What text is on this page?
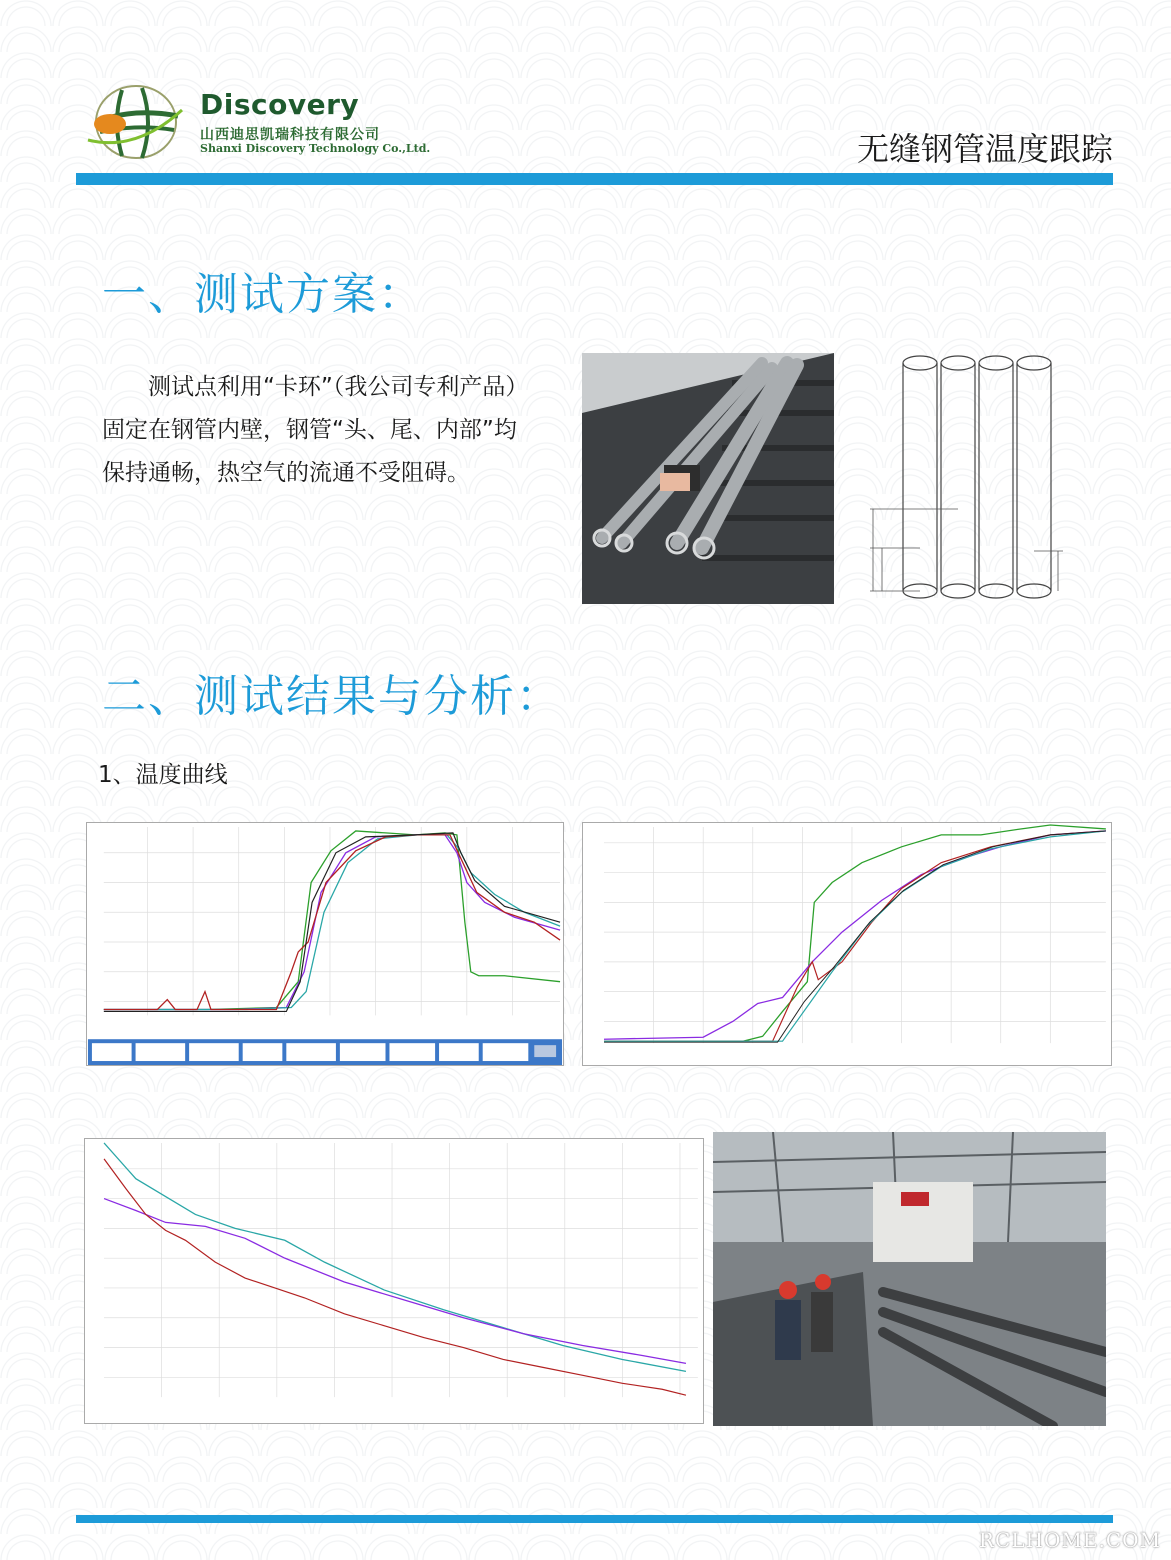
Discovery
山西迪思凯瑞科技有限公司
Shanxi Discovery Technology Co.,Ltd.	无缝钢管温度跟踪
一、测试方案：
测试点利用“卡环”（我公司专利产品）固定在钢管内壁，钢管“头、尾、内部”均保持通畅，热空气的流通不受阻碍。
二、测试结果与分析：
1、温度曲线
RCLHOME.COM
